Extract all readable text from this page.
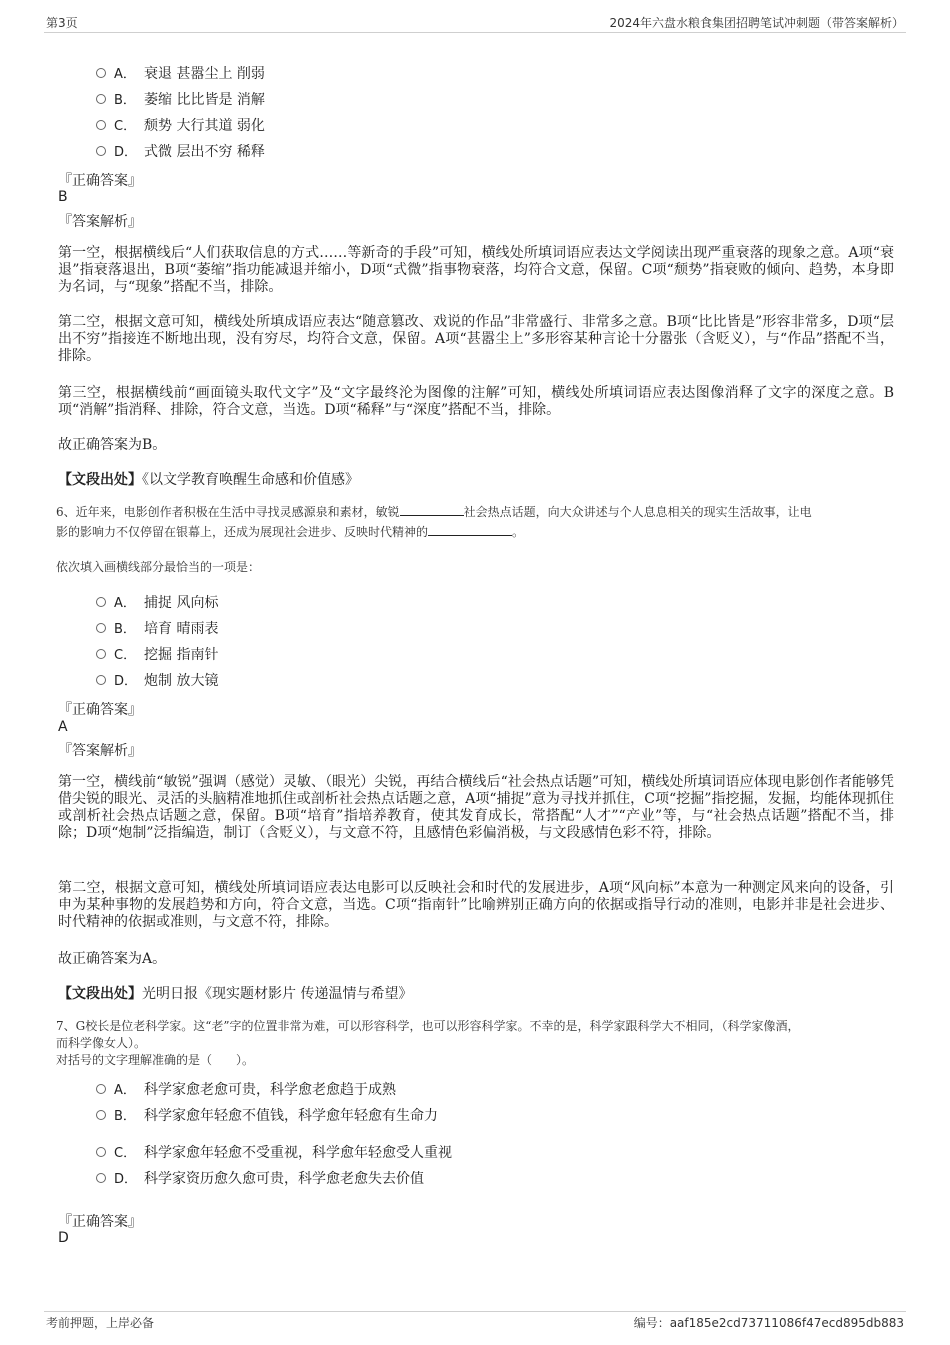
第3页	2024年六盘水粮食集团招聘笔试冲刺题（带答案解析）
A． 衰退 甚嚣尘上 削弱
B． 萎缩 比比皆是 消解
C． 颓势 大行其道 弱化
D． 式微 层出不穷 稀释
『正确答案』
B
『答案解析』
第一空，根据横线后“人们获取信息的方式……等新奇的手段”可知，横线处所填词语应表达文学阅读出现严重衰落的现象之意。A项“衰退”指衰落退出，B项“萎缩”指功能减退并缩小，D项“式微”指事物衰落，均符合文意，保留。C项“颓势”指衰败的倾向、趋势，本身即为名词，与“现象”搭配不当，排除。
第二空，根据文意可知，横线处所填成语应表达“随意篡改、戏说的作品”非常盛行、非常多之意。B项“比比皆是”形容非常多，D项“层出不穷”指接连不断地出现，没有穷尽，均符合文意，保留。A项“甚嚣尘上”多形容某种言论十分嚣张（含贬义），与“作品”搭配不当，排除。
第三空，根据横线前“画面镜头取代文字”及“文字最终沦为图像的注解”可知，横线处所填词语应表达图像消释了文字的深度之意。B项“消解”指消释、排除，符合文意，当选。D项“稀释”与“深度”搭配不当，排除。
故正确答案为B。
【文段出处】《以文学教育唤醒生命感和价值感》
6、近年来，电影创作者积极在生活中寻找灵感源泉和素材，敏锐	社会热点话题，向大众讲述与个人息息相关的现实生活故事，让电
影的影响力不仅停留在银幕上，还成为展现社会进步、反映时代精神的	。
依次填入画横线部分最恰当的一项是：
A． 捕捉 风向标
B． 培育 晴雨表
C． 挖掘 指南针
D． 炮制 放大镜
『正确答案』
A
『答案解析』
第一空，横线前“敏锐”强调（感觉）灵敏、（眼光）尖锐，再结合横线后“社会热点话题”可知，横线处所填词语应体现电影创作者能够凭借尖锐的眼光、灵活的头脑精准地抓住或剖析社会热点话题之意，A项“捕捉”意为寻找并抓住，C项“挖掘”指挖掘，发掘，均能体现抓住或剖析社会热点话题之意，保留。B项“培育”指培养教育，使其发育成长，常搭配“人才”“产业”等，与“社会热点话题”搭配不当，排除；D项“炮制”泛指编造，制订（含贬义），与文意不符，且感情色彩偏消极，与文段感情色彩不符，排除。
第二空，根据文意可知，横线处所填词语应表达电影可以反映社会和时代的发展进步，A项“风向标”本意为一种测定风来向的设备，引申为某种事物的发展趋势和方向，符合文意，当选。C项“指南针”比喻辨别正确方向的依据或指导行动的准则，电影并非是社会进步、时代精神的依据或准则，与文意不符，排除。
故正确答案为A。
【文段出处】光明日报《现实题材影片 传递温情与希望》
7、G校长是位老科学家。这“老”字的位置非常为难，可以形容科学，也可以形容科学家。不幸的是，科学家跟科学大不相同，（科学家像酒，
而科学像女人）。
对括号的文字理解准确的是（　　）。
A． 科学家愈老愈可贵，科学愈老愈趋于成熟
B． 科学家愈年轻愈不值钱，科学愈年轻愈有生命力
C． 科学家愈年轻愈不受重视，科学愈年轻愈受人重视
D． 科学家资历愈久愈可贵，科学愈老愈失去价值
『正确答案』
D
考前押题，上岸必备	编号：aaf185e2cd73711086f47ecd895db883
